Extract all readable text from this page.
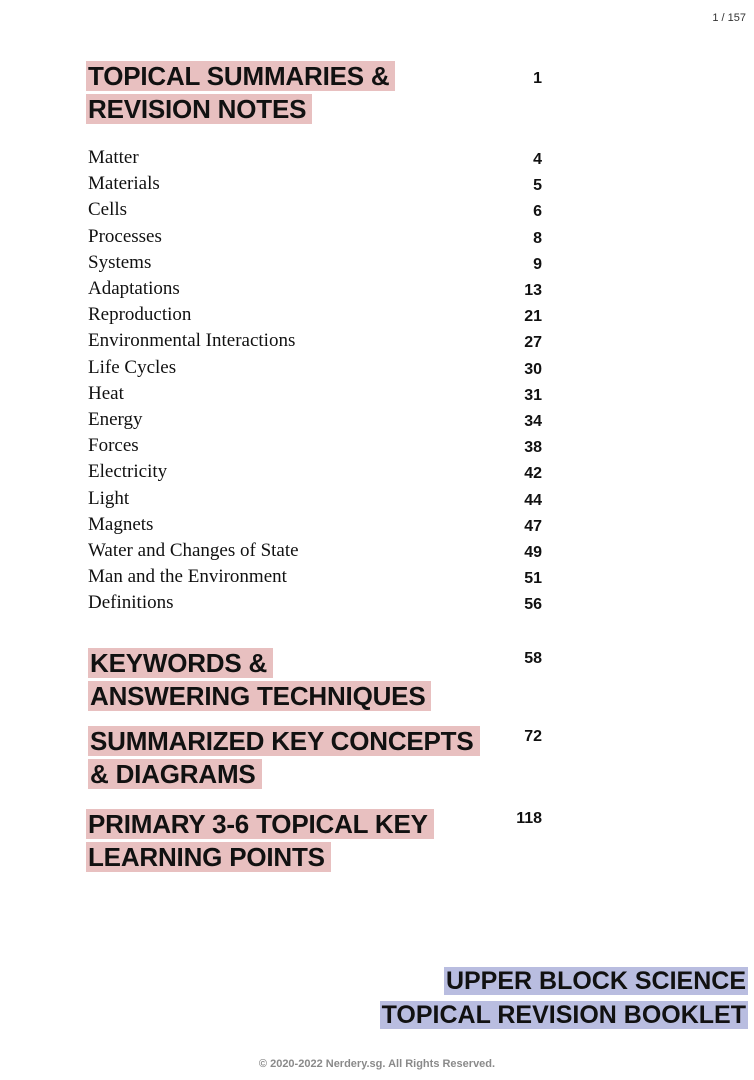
1 / 157
TOPICAL SUMMARIES &
REVISION NOTES
1
Matter	4
Materials	5
Cells	6
Processes	8
Systems	9
Adaptations	13
Reproduction	21
Environmental Interactions	27
Life Cycles	30
Heat	31
Energy	34
Forces	38
Electricity	42
Light	44
Magnets	47
Water and Changes of State	49
Man and the Environment	51
Definitions	56
KEYWORDS &
ANSWERING TECHNIQUES
58
SUMMARIZED KEY CONCEPTS
& DIAGRAMS
72
PRIMARY 3-6 TOPICAL KEY
LEARNING POINTS
118
UPPER BLOCK SCIENCE
TOPICAL REVISION BOOKLET
© 2020-2022 Nerdery.sg. All Rights Reserved.
